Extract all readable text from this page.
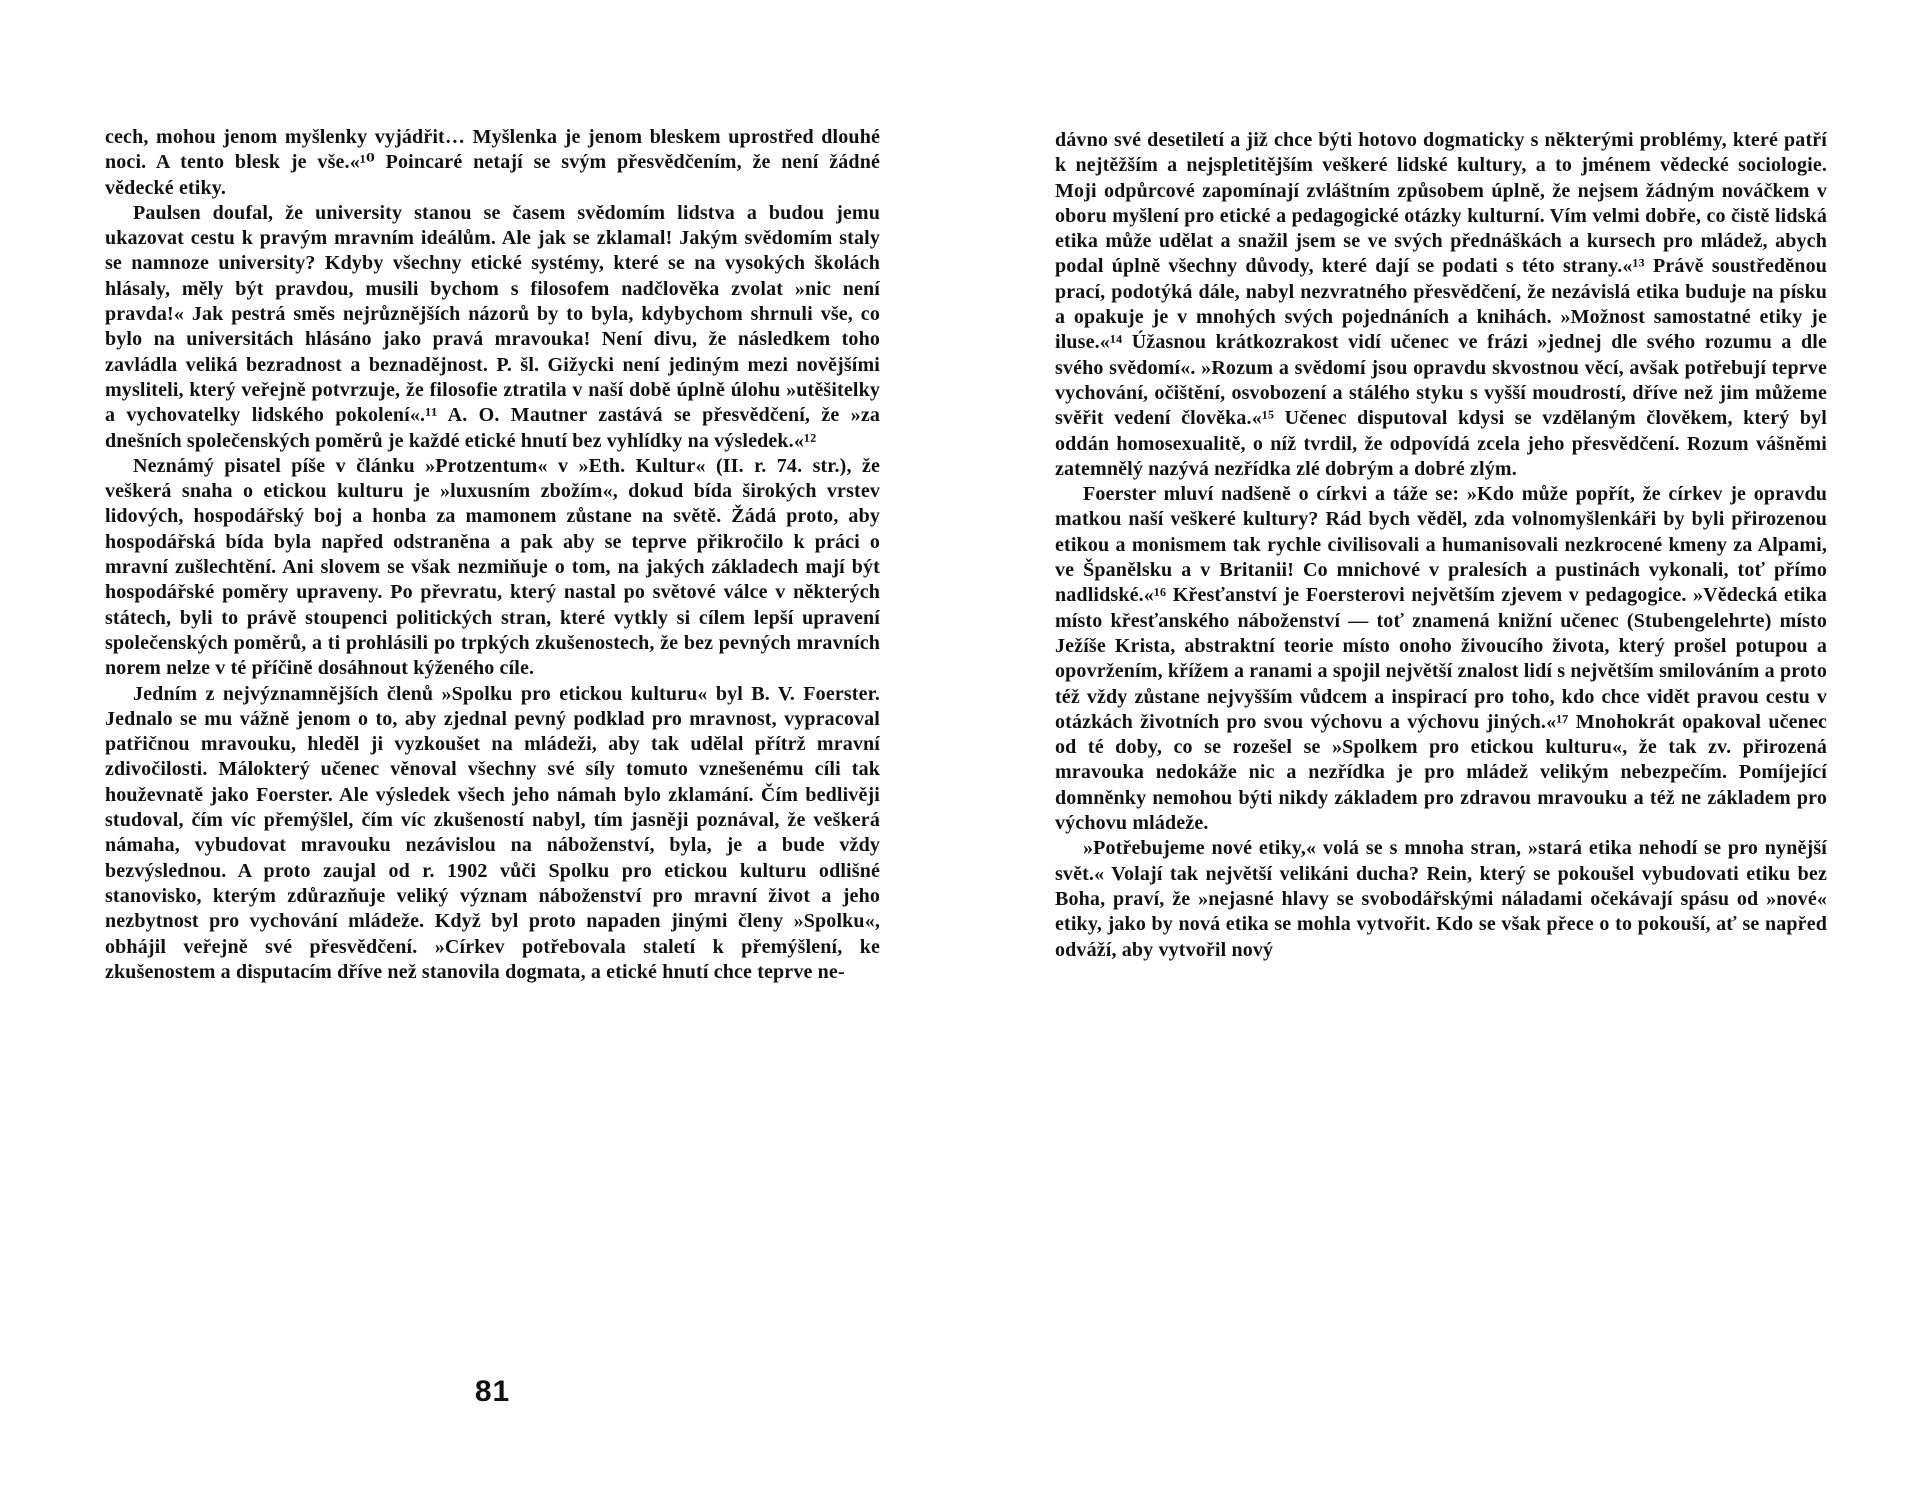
cech, mohou jenom myšlenky vyjádřit… Myšlenka je jenom bleskem uprostřed dlouhé noci. A tento blesk je vše.«¹⁰ Poincaré netají se svým přesvědčením, že není žádné vědecké etiky.

Paulsen doufal, že university stanou se časem svědomím lidstva a budou jemu ukazovat cestu k pravým mravním ideálům. Ale jak se zklamal! Jakým svědomím staly se namnoze university? Kdyby všechny etické systémy, které se na vysokých školách hlásaly, měly být pravdou, musili bychom s filosofem nadčlověka zvolat »nic není pravda!« Jak pestrá směs nejrůznějších názorů by to byla, kdybychom shrnuli vše, co bylo na universitách hlásáno jako pravá mravouka! Není divu, že následkem toho zavládla veliká bezradnost a beznadějnost. P. šl. Gižycki není jediným mezi novějšími mysliteli, který veřejně potvrzuje, že filosofie ztratila v naší době úplně úlohu »utěšitelky a vychovatelky lidského pokolení«.¹¹ A. O. Mautner zastává se přesvědčení, že »za dnešních společenských poměrů je každé etické hnutí bez vyhlídky na výsledek.«¹²

Neznámý pisatel píše v článku »Protzentum« v »Eth. Kultur« (II. r. 74. str.), že veškerá snaha o etickou kulturu je »luxusním zbožím«, dokud bída širokých vrstev lidových, hospodářský boj a honba za mamonem zůstane na světě. Žádá proto, aby hospodářská bída byla napřed odstraněna a pak aby se teprve přikročilo k práci o mravní zušlechtění. Ani slovem se však nezmiňuje o tom, na jakých základech mají být hospodářské poměry upraveny. Po převratu, který nastal po světové válce v některých státech, byli to právě stoupenci politických stran, které vytkly si cílem lepší upravení společenských poměrů, a ti prohlásili po trpkých zkušenostech, že bez pevných mravních norem nelze v té příčině dosáhnout kýženého cíle.

Jedním z nejvýznamnějších členů »Spolku pro etickou kulturu« byl B. V. Foerster. Jednalo se mu vážně jenom o to, aby zjednal pevný podklad pro mravnost, vypracoval patřičnou mravouku, hleděl ji vyzkoušet na mládeži, aby tak udělal přítrž mravní zdivočilosti. Málokterý učenec věnoval všechny své síly tomuto vznešenému cíli tak houževnatě jako Foerster. Ale výsledek všech jeho námah bylo zklamání. Čím bedlivěji studoval, čím víc přemýšlel, čím víc zkušeností nabyl, tím jasněji poznával, že veškerá námaha, vybudovat mravouku nezávislou na náboženství, byla, je a bude vždy bezvýslednou. A proto zaujal od r. 1902 vůči Spolku pro etickou kulturu odlišné stanovisko, kterým zdůrazňuje veliký význam náboženství pro mravní život a jeho nezbytnost pro vychování mládeže. Když byl proto napaden jinými členy »Spolku«, obhájil veřejně své přesvědčení. »Církev potřebovala staletí k přemýšlení, ke zkušenostem a disputacím dříve než stanovila dogmata, a etické hnutí chce teprve ne-

81

dávno své desetiletí a již chce býti hotovo dogmaticky s některými problémy, které patří k nejtěžším a nejspletitějším veškeré lidské kultury, a to jménem vědecké sociologie. Moji odpůrcové zapomínají zvláštním způsobem úplně, že nejsem žádným nováčkem v oboru myšlení pro etické a pedagogické otázky kulturní. Vím velmi dobře, co čistě lidská etika může udělat a snažil jsem se ve svých přednáškách a kursech pro mládež, abych podal úplně všechny důvody, které dají se podati s této strany.«¹³ Právě soustředěnou prací, podotýká dále, nabyl nezvratného přesvědčení, že nezávislá etika buduje na písku a opakuje je v mnohých svých pojednáních a knihách. »Možnost samostatné etiky je iluse.«¹⁴ Úžasnou krátkozrakost vidí učenec ve frázi »jednej dle svého rozumu a dle svého svědomí«. »Rozum a svědomí jsou opravdu skvostnou věcí, avšak potřebují teprve vychování, očištění, osvobození a stálého styku s vyšší moudrostí, dříve než jim můžeme svěřit vedení člověka.«¹⁵ Učenec disputoval kdysi se vzdělaným člověkem, který byl oddán homosexualitě, o níž tvrdil, že odpovídá zcela jeho přesvědčení. Rozum vášněmi zatemnělý nazývá nezřídka zlé dobrým a dobré zlým.

Foerster mluví nadšeně o církvi a táže se: »Kdo může popřít, že církev je opravdu matkou naší veškeré kultury? Rád bych věděl, zda volnomyšlenkáři by byli přirozenou etikou a monismem tak rychle civilisovali a humanisovali nezkrocené kmeny za Alpami, ve Španělsku a v Britanii! Co mnichové v pralesích a pustinách vykonali, toť přímo nadlidské.«¹⁶ Křesťanství je Foersterovi největším zjevem v pedagogice. »Vědecká etika místo křesťanského náboženství — toť znamená knižní učenec (Stubengelehrte) místo Ježíše Krista, abstraktní teorie místo onoho živoucího života, který prošel potupou a opovržením, křížem a ranami a spojil největší znalost lidí s největším smilováním a proto též vždy zůstane nejvyšším vůdcem a inspirací pro toho, kdo chce vidět pravou cestu v otázkách životních pro svou výchovu a výchovu jiných.«¹⁷ Mnohokrát opakoval učenec od té doby, co se rozešel se »Spolkem pro etickou kulturu«, že tak zv. přirozená mravouka nedokáže nic a nezřídka je pro mládež velikým nebezpečím. Pomíjející domněnky nemohou býti nikdy základem pro zdravou mravouku a též ne základem pro výchovu mládeže.

»Potřebujeme nové etiky,« volá se s mnoha stran, »stará etika nehodí se pro nynější svět.« Volají tak největší velikáni ducha? Rein, který se pokoušel vybudovati etiku bez Boha, praví, že »nejasné hlavy se svobodářskými náladami očekávají spásu od »nové« etiky, jako by nová etika se mohla vytvořit. Kdo se však přece o to pokouší, ať se napřed odváží, aby vytvořil nový
